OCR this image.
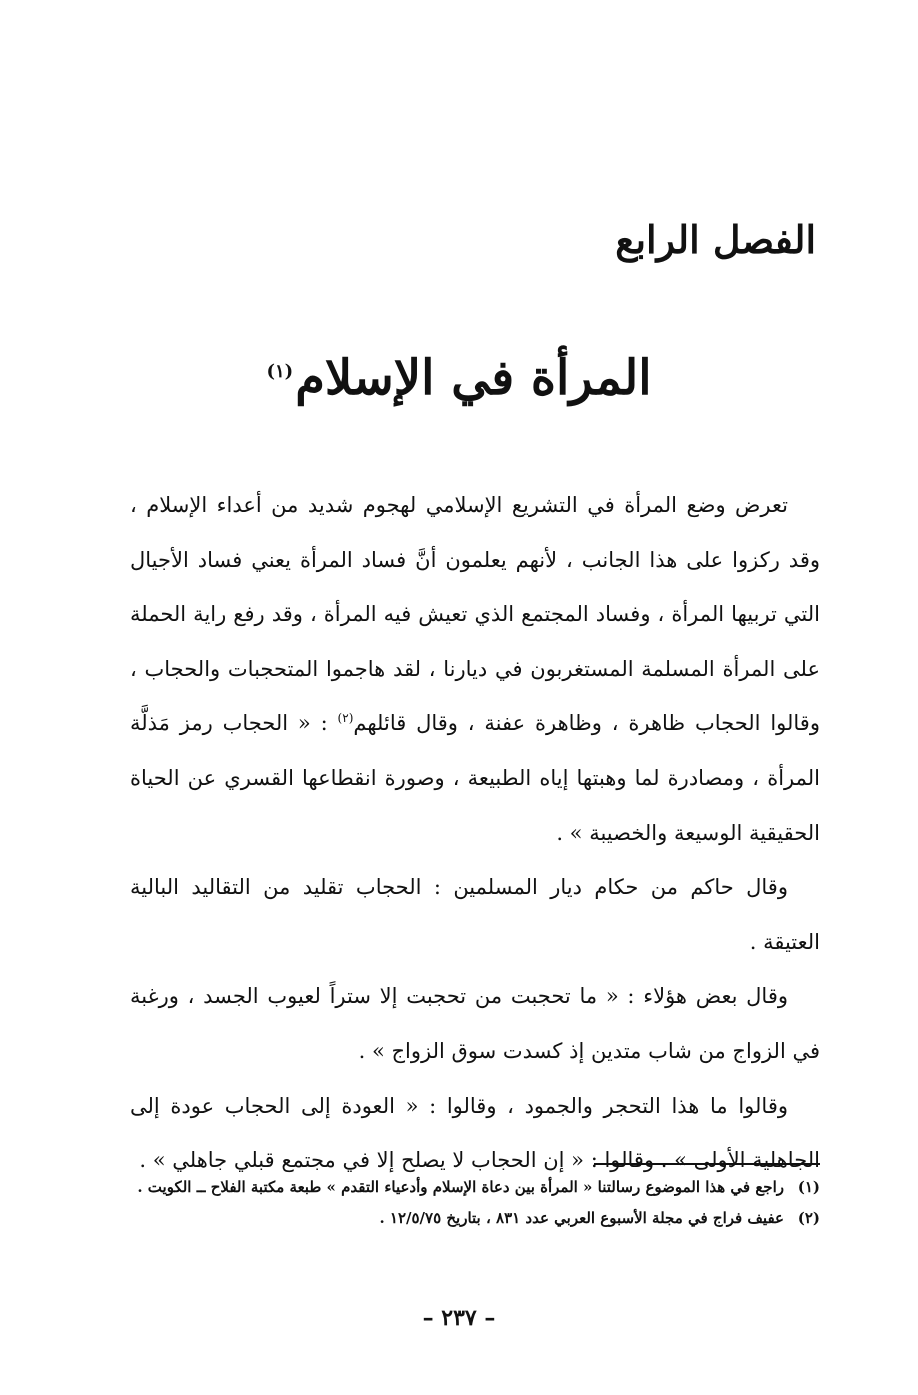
الفصل الرابع
المرأة في الإسلام$^{(١)}$

تعرض وضع المرأة في التشريع الإسلامي لهجوم شديد من أعداء الإسلام ، وقد ركزوا على هذا الجانب ، لأنهم يعلمون أنَّ فساد المرأة يعني فساد الأجيال التي تربيها المرأة ، وفساد المجتمع الذي تعيش فيه المرأة ، وقد رفع راية الحملة على المرأة المسلمة المستغربون في ديارنا ، لقد هاجموا المتحجبات والحجاب ، وقالوا الحجاب ظاهرة ، وظاهرة عفنة ، وقال قائلهم$^{(٢)}$ : « الحجاب رمز مَذلَّة المرأة ، ومصادرة لما وهبتها إياه الطبيعة ، وصورة انقطاعها القسري عن الحياة الحقيقية الوسيعة والخصيبة » .

وقال حاكم من حكام ديار المسلمين : الحجاب تقليد من التقاليد البالية العتيقة .

وقال بعض هؤلاء : « ما تحجبت من تحجبت إلا ستراً لعيوب الجسد ، ورغبة في الزواج من شاب متدين إذ كسدت سوق الزواج » .

وقالوا ما هذا التحجر والجمود ، وقالوا : « العودة إلى الحجاب عودة إلى الجاهلية الأولى » . وقالوا : « إن الحجاب لا يصلح إلا في مجتمع قبلي جاهلي » .

(١)
راجع في هذا الموضوع رسالتنا « المرأة بين دعاة الإسلام وأدعياء التقدم » طبعة مكتبة الفلاح ــ الكويت .
(٢)
عفيف فراج في مجلة الأسبوع العربي عدد ٨٣١ ، بتاريخ ١٢/٥/٧٥ .
– ٢٣٧ –
